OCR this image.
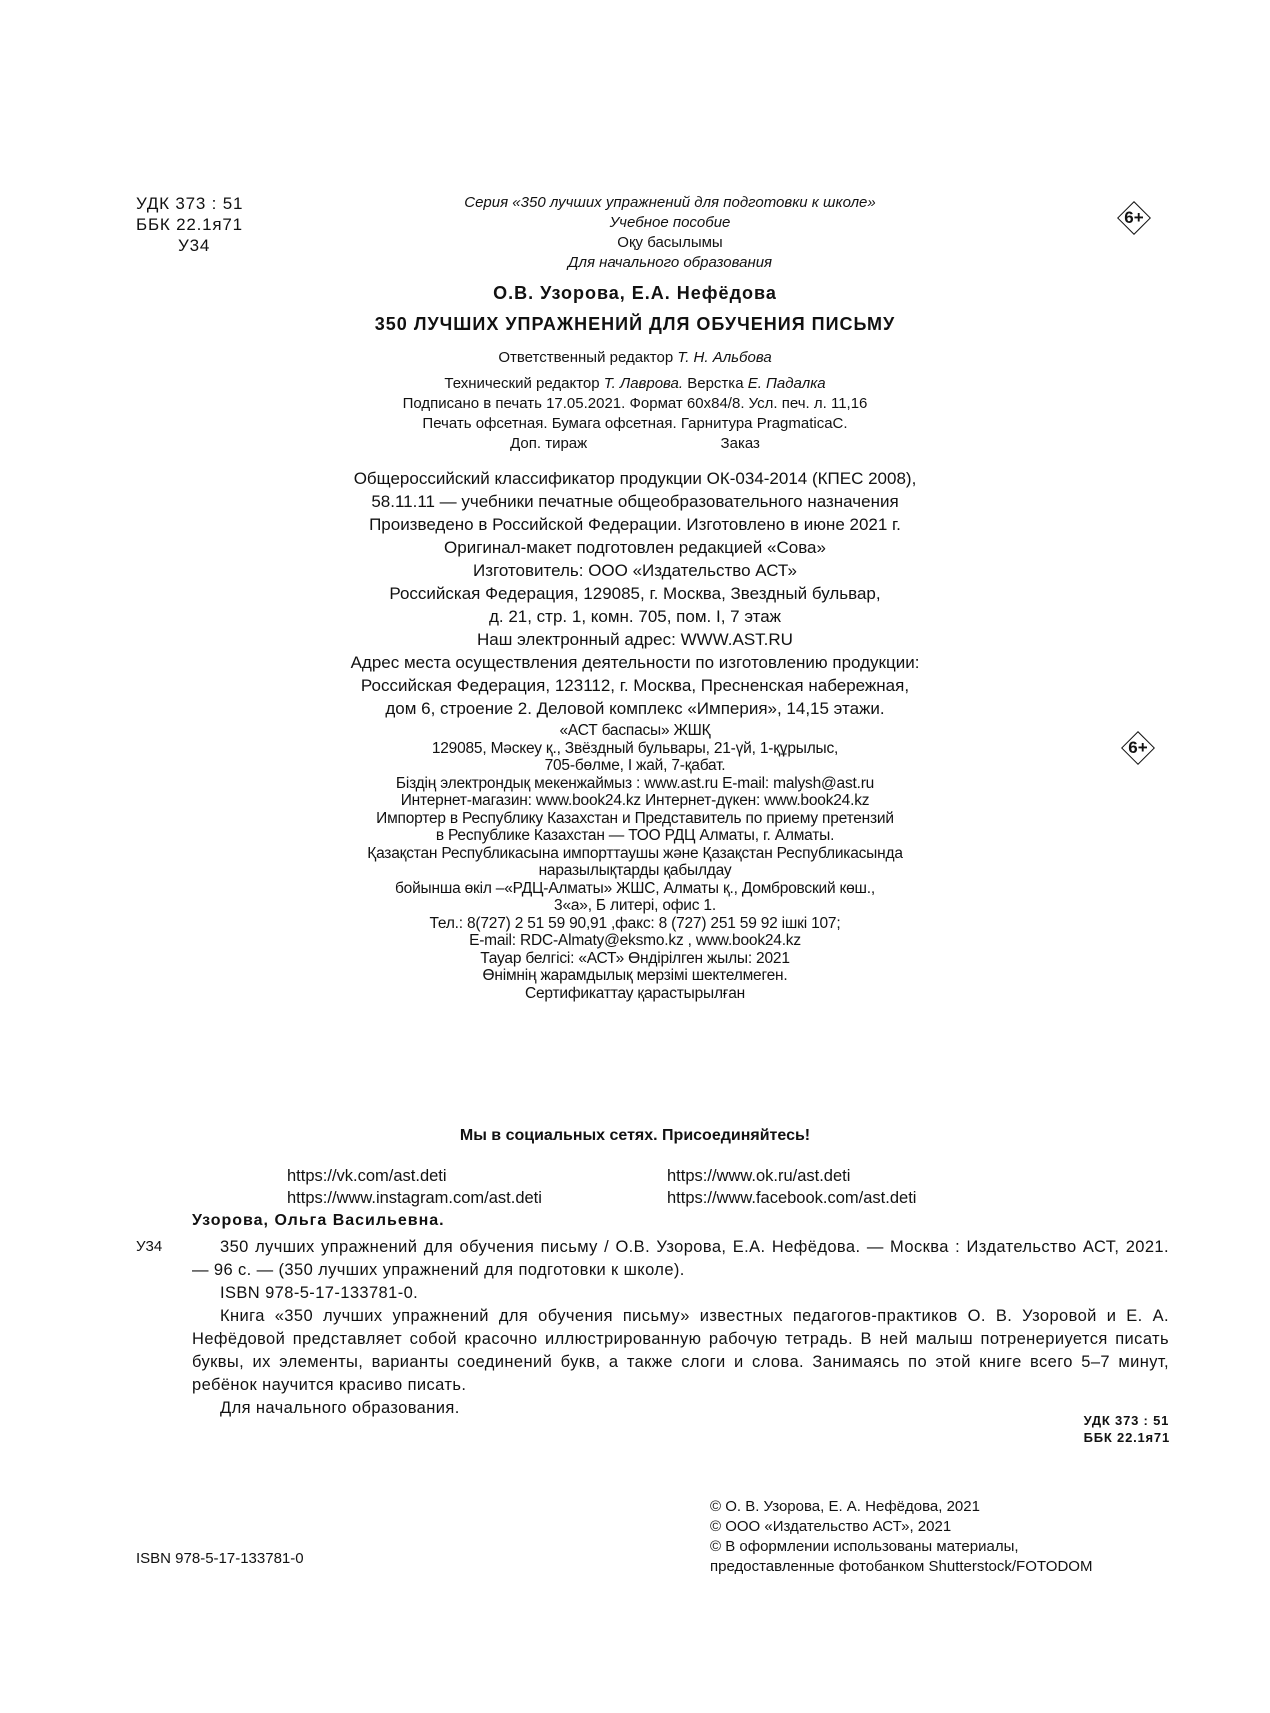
УДК 373 : 51
ББК 22.1я71
У34
Серия «350 лучших упражнений для подготовки к школе»
Учебное пособие
Оқу басылымы
Для начального образования
6+
6+
О.В. Узорова, Е.А. Нефёдова
350 ЛУЧШИХ УПРАЖНЕНИЙ ДЛЯ ОБУЧЕНИЯ ПИСЬМУ
Ответственный редактор Т. Н. Альбова
Технический редактор Т. Лаврова. Верстка Е. Падалка
Подписано в печать 17.05.2021. Формат 60x84/8. Усл. печ. л. 11,16
Печать офсетная. Бумага офсетная. Гарнитура PragmaticaC.
Доп. тираж                                Заказ
Общероссийский классификатор продукции ОК-034-2014 (КПЕС 2008),
58.11.11 — учебники печатные общеобразовательного назначения
Произведено в Российской Федерации. Изготовлено в июне 2021 г.
Оригинал-макет подготовлен редакцией «Сова»
Изготовитель: ООО «Издательство АСТ»
Российская Федерация, 129085, г. Москва, Звездный бульвар,
д. 21, стр. 1, комн. 705, пом. I, 7 этаж
Наш электронный адрес: WWW.AST.RU
Адрес места осуществления деятельности по изготовлению продукции:
Российская Федерация, 123112, г. Москва, Пресненская набережная,
дом 6, строение 2. Деловой комплекс «Империя», 14,15 этажи.
«АСТ баспасы» ЖШҚ
129085, Мәскеу қ., Звёздный бульвары, 21-үй, 1-құрылыс,
705-бөлме, I жай, 7-қабат.
Біздің электрондық мекенжаймыз : www.ast.ru E-mail: malysh@ast.ru
Интернет-магазин: www.book24.kz Интернет-дүкен: www.book24.kz
Импортер в Республику Казахстан и Представитель по приему претензий
в Республике Казахстан — ТОО РДЦ Алматы, г. Алматы.
Қазақстан Республикасына импорттаушы және Қазақстан Республикасында
наразылықтарды қабылдау
бойынша өкіл –«РДЦ-Алматы» ЖШС, Алматы қ., Домбровский көш.,
3«а», Б литері, офис 1.
Тел.: 8(727) 2 51 59 90,91 ,факс: 8 (727) 251 59 92 ішкі 107;
E-mail: RDC-Almaty@eksmo.kz , www.book24.kz
Тауар белгісі: «АСТ» Өндірілген жылы: 2021
Өнімнің жарамдылық мерзімі шектелмеген.
Сертификаттау қарастырылған
Мы в социальных сетях. Присоединяйтесь!
https://vk.com/ast.deti
https://www.instagram.com/ast.deti
https://www.ok.ru/ast.deti
https://www.facebook.com/ast.deti
Узорова, Ольга Васильевна.
У34	350 лучших упражнений для обучения письму / О.В. Узорова, Е.А. Нефёдова. — Москва : Издательство АСТ, 2021. — 96 с. — (350 лучших упражнений для подготовки к школе).

ISBN 978-5-17-133781-0.

Книга «350 лучших упражнений для обучения письму» известных педагогов-практиков О. В. Узоровой и Е. А. Нефёдовой представляет собой красочно иллюстрированную рабочую тетрадь. В ней малыш потренериуется писать буквы, их элементы, варианты соединений букв, а также слоги и слова. Занимаясь по этой книге всего 5–7 минут, ребёнок научится красиво писать.

Для начального образования.

УДК 373 : 51
ББК 22.1я71
ISBN 978-5-17-133781-0
© О. В. Узорова, Е. А. Нефёдова, 2021
© ООО «Издательство АСТ», 2021
© В оформлении использованы материалы,
предоставленные фотобанком Shutterstock/FOTODOM
